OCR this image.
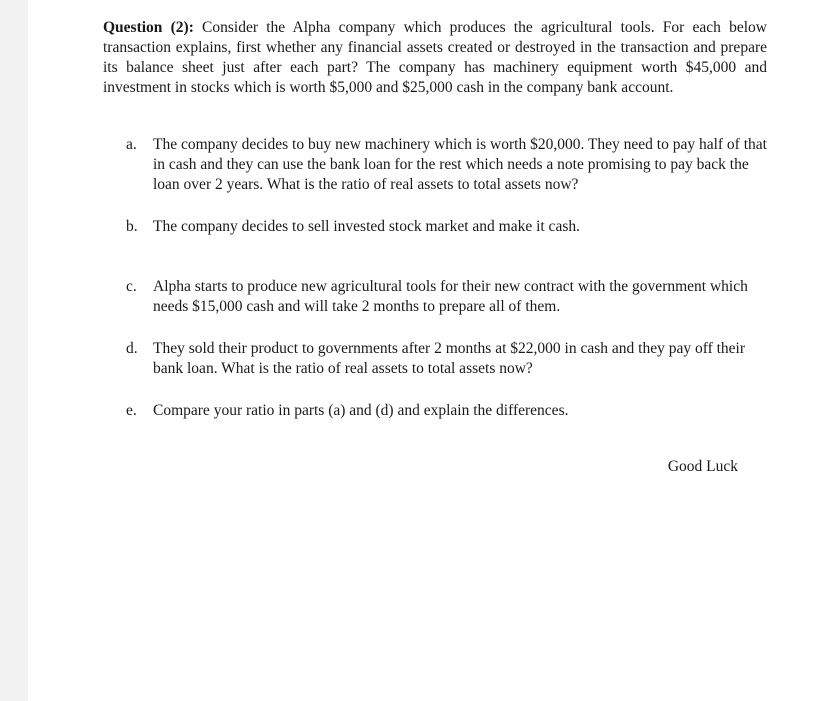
Question (2): Consider the Alpha company which produces the agricultural tools. For each below transaction explains, first whether any financial assets created or destroyed in the transaction and prepare its balance sheet just after each part? The company has machinery equipment worth $45,000 and investment in stocks which is worth $5,000 and $25,000 cash in the company bank account.

a. The company decides to buy new machinery which is worth $20,000. They need to pay half of that in cash and they can use the bank loan for the rest which needs a note promising to pay back the loan over 2 years. What is the ratio of real assets to total assets now?
b. The company decides to sell invested stock market and make it cash.
c. Alpha starts to produce new agricultural tools for their new contract with the government which needs $15,000 cash and will take 2 months to prepare all of them.
d. They sold their product to governments after 2 months at $22,000 in cash and they pay off their bank loan. What is the ratio of real assets to total assets now?
e. Compare your ratio in parts (a) and (d) and explain the differences.

Good Luck
